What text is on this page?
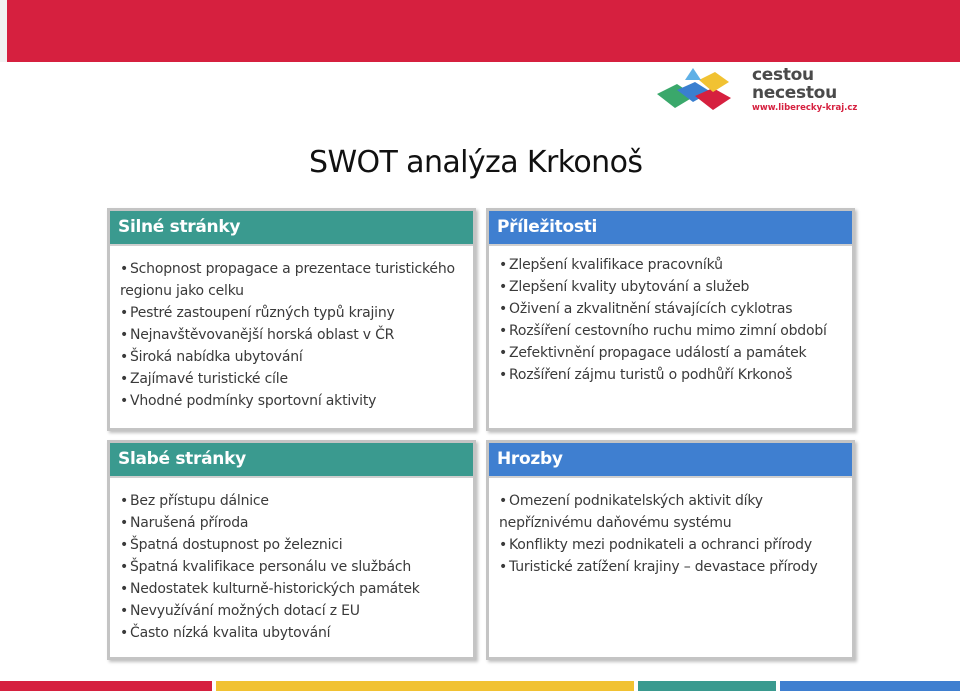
cestou
necestou
www.liberecky-kraj.cz
SWOT analýza Krkonoš
Silné stránky
• Schopnost propagace a prezentace turistického regionu jako celku
• Pestré zastoupení různých typů krajiny
• Nejnavštěvovanější horská oblast v ČR
• Široká nabídka ubytování
• Zajímavé turistické cíle
• Vhodné podmínky sportovní aktivity
Příležitosti
• Zlepšení kvalifikace pracovníků
• Zlepšení kvality ubytování a služeb
• Oživení a zkvalitnění stávajících cyklotras
• Rozšíření cestovního ruchu mimo zimní období
• Zefektivnění propagace událostí a památek
• Rozšíření zájmu turistů o podhůří Krkonoš
Slabé stránky
• Bez přístupu dálnice
• Narušená příroda
• Špatná dostupnost po železnici
• Špatná kvalifikace personálu ve službách
• Nedostatek kulturně-historických památek
• Nevyužívání možných dotací z EU
• Často nízká kvalita ubytování
Hrozby
• Omezení podnikatelských aktivit díky nepříznivému daňovému systému
• Konflikty mezi podnikateli a ochranci přírody
• Turistické zatížení krajiny – devastace přírody
